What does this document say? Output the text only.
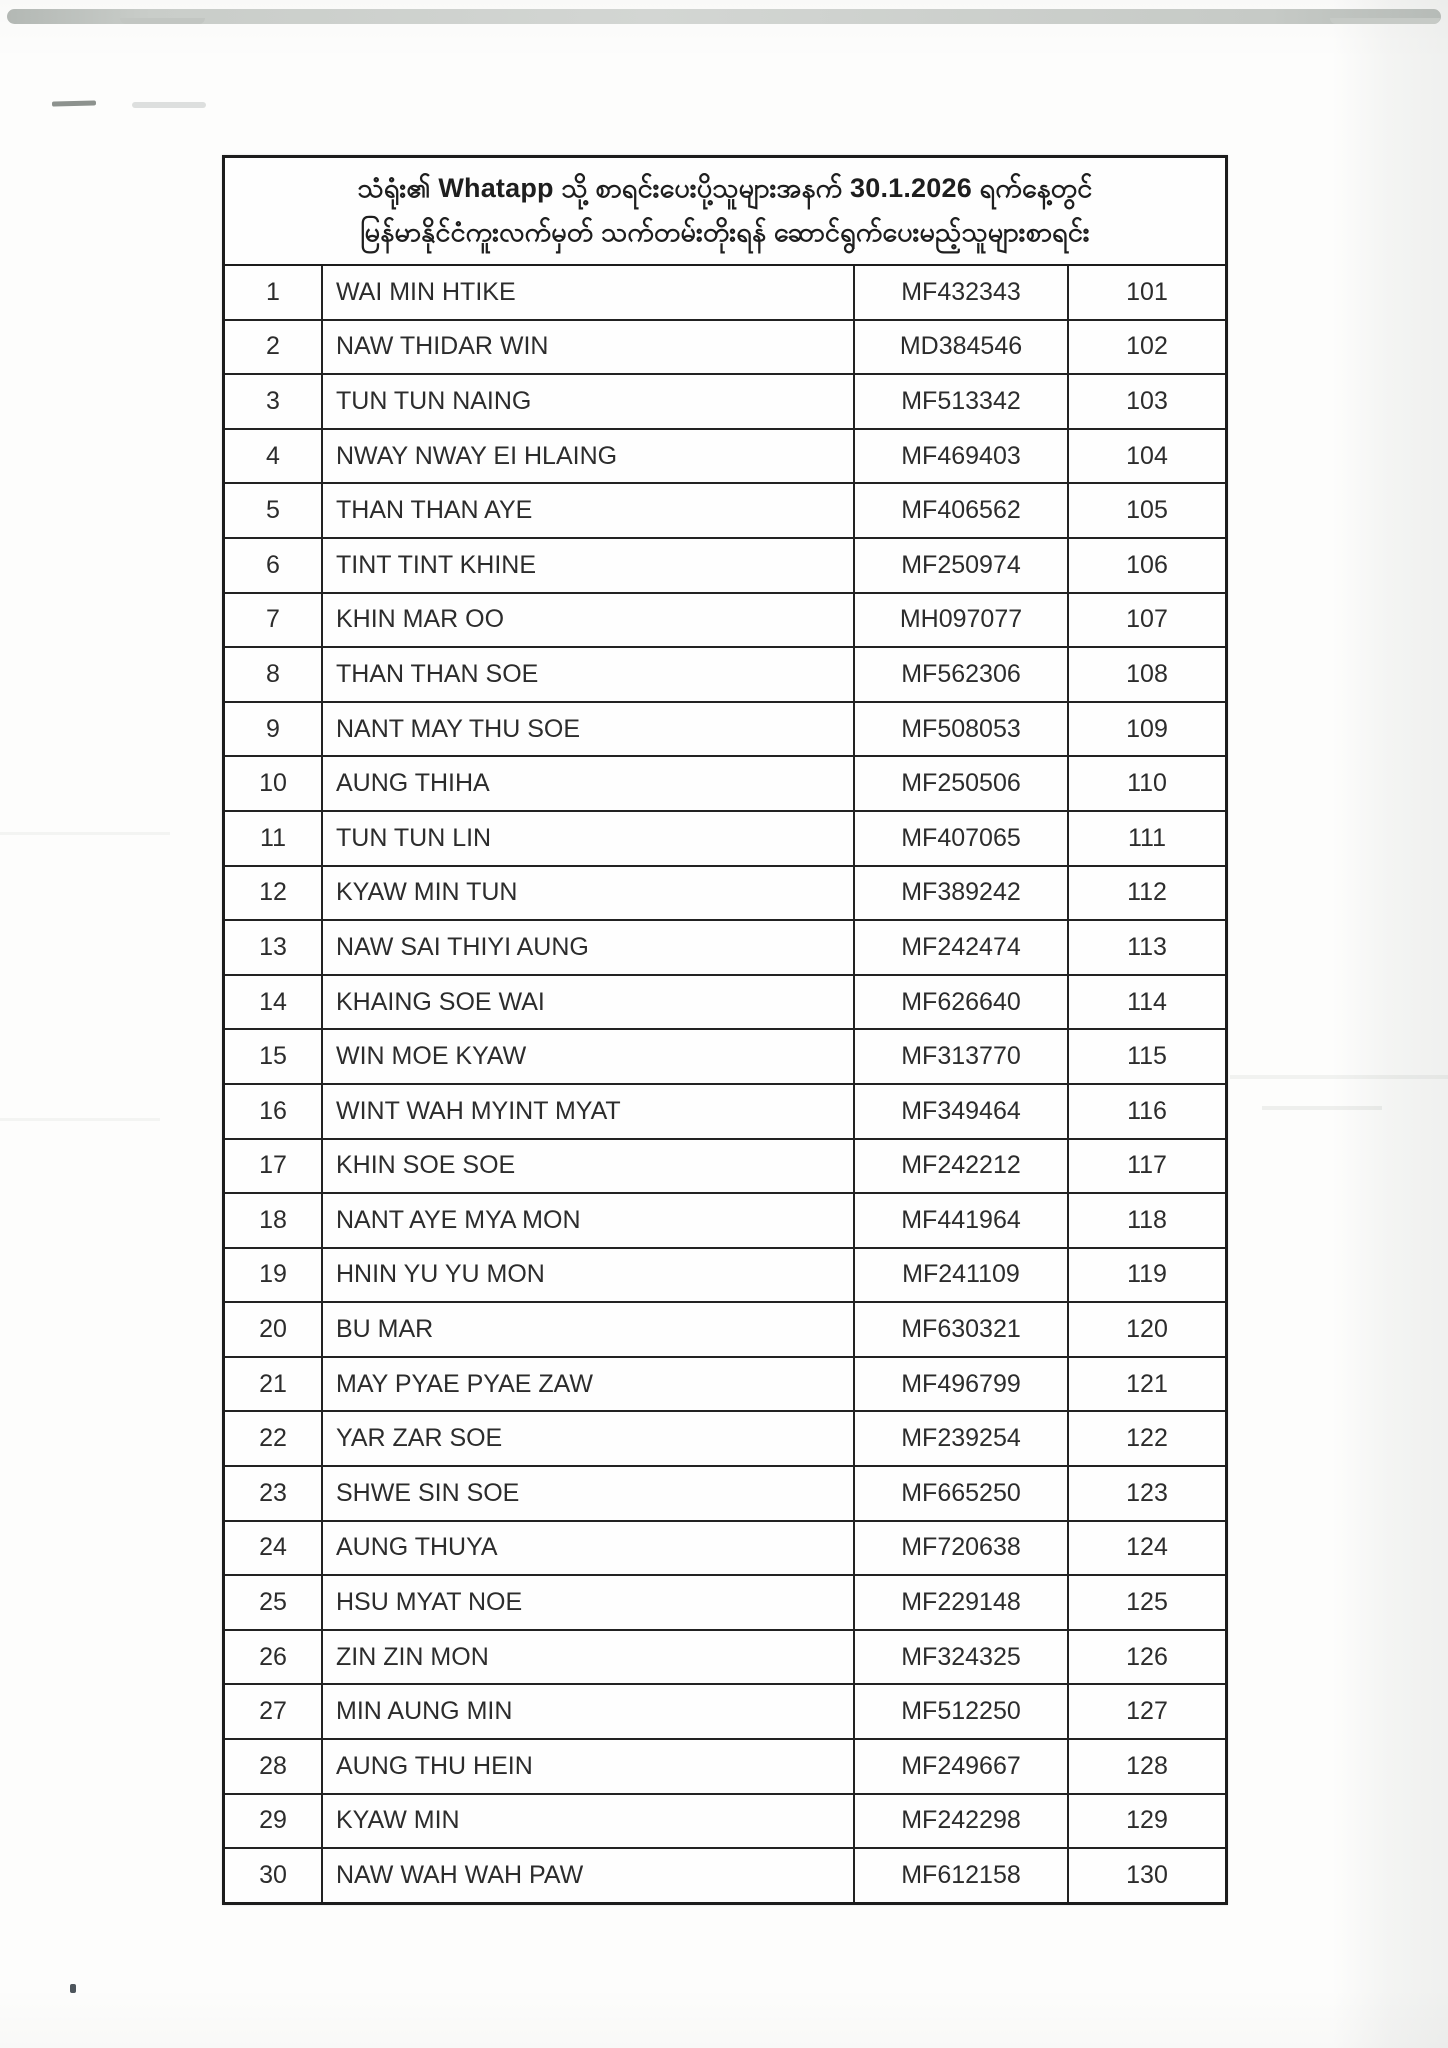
သံရုံး၏ Whatapp သို့ စာရင်းပေးပို့သူများအနက် 30.1.2026 ရက်နေ့တွင်
မြန်မာနိုင်ငံကူးလက်မှတ် သက်တမ်းတိုးရန် ဆောင်ရွက်ပေးမည့်သူများစာရင်း
1	WAI MIN HTIKE	MF432343	101
2	NAW THIDAR WIN	MD384546	102
3	TUN TUN NAING	MF513342	103
4	NWAY NWAY EI HLAING	MF469403	104
5	THAN THAN AYE	MF406562	105
6	TINT TINT KHINE	MF250974	106
7	KHIN MAR OO	MH097077	107
8	THAN THAN SOE	MF562306	108
9	NANT MAY THU SOE	MF508053	109
10	AUNG THIHA	MF250506	110
11	TUN TUN LIN	MF407065	111
12	KYAW MIN TUN	MF389242	112
13	NAW SAI THIYI AUNG	MF242474	113
14	KHAING SOE WAI	MF626640	114
15	WIN MOE KYAW	MF313770	115
16	WINT WAH MYINT MYAT	MF349464	116
17	KHIN SOE SOE	MF242212	117
18	NANT AYE MYA MON	MF441964	118
19	HNIN YU YU MON	MF241109	119
20	BU MAR	MF630321	120
21	MAY PYAE PYAE ZAW	MF496799	121
22	YAR ZAR SOE	MF239254	122
23	SHWE SIN SOE	MF665250	123
24	AUNG THUYA	MF720638	124
25	HSU MYAT NOE	MF229148	125
26	ZIN ZIN MON	MF324325	126
27	MIN AUNG MIN	MF512250	127
28	AUNG THU HEIN	MF249667	128
29	KYAW MIN	MF242298	129
30	NAW WAH WAH PAW	MF612158	130
